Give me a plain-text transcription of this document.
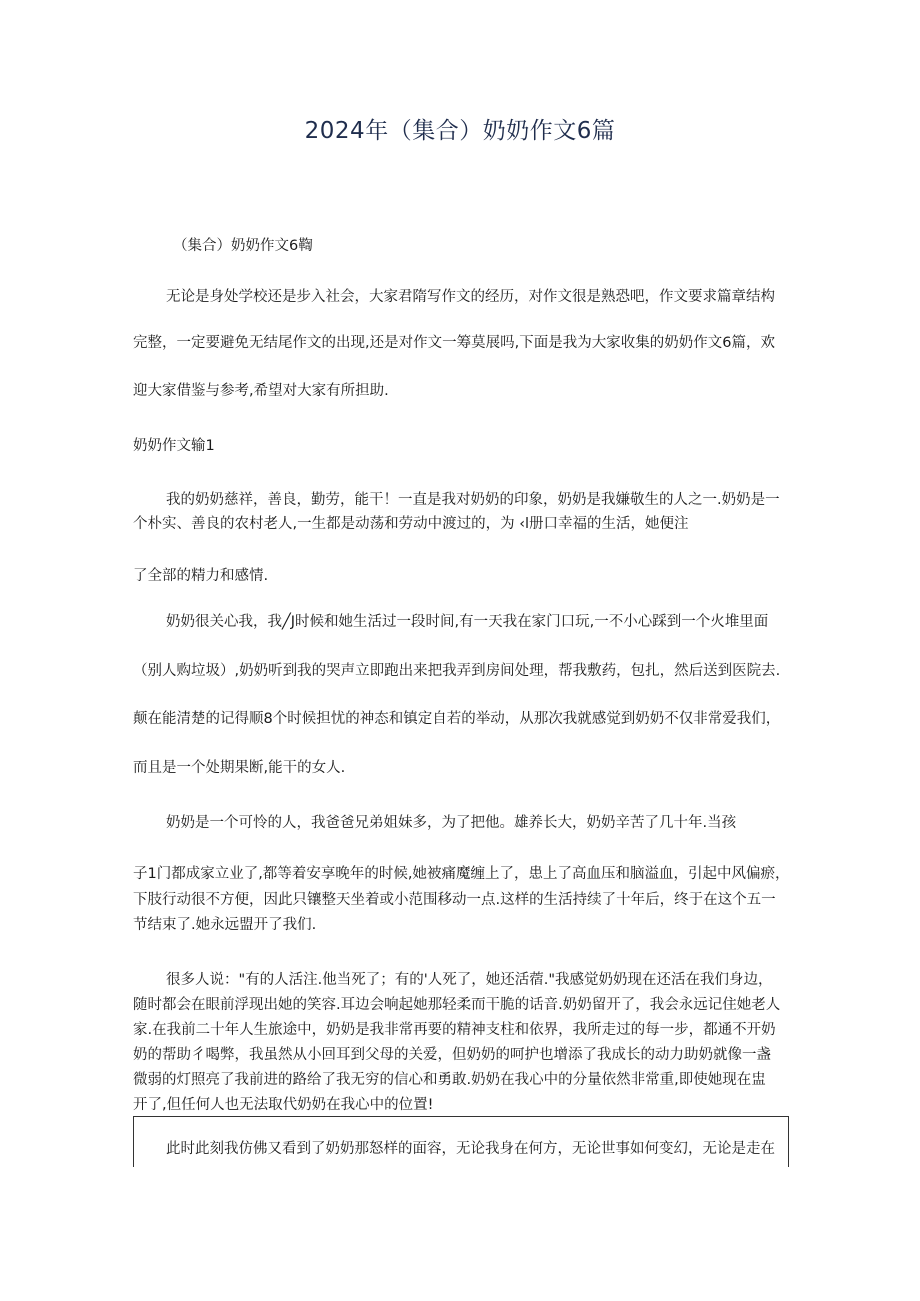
2024年（集合）奶奶作文6篇

（集合）奶奶作文6鞫

无论是身处学校还是步入社会，大家君隋写作文的经历，对作文很是熟恐吧，作文要求篇章结构

完整，一定要避免无结尾作文的出现,还是对作文一筹莫展吗,下面是我为大家收集的奶奶作文6篇，欢

迎大家借鉴与参考,希望对大家有所担助.

奶奶作文输1

我的奶奶慈祥，善良，勤劳，能干！一直是我对奶奶的印象，奶奶是我嫌敬生的人之一.奶奶是一

个朴实、善良的农村老人,一生都是动荡和劳动中渡过的，为 ‹l册口幸福的生活，她便注

了全部的精力和感情.

奶奶很关心我，我╱J时候和她生活过一段时间,有一天我在家门口玩,一不小心踩到一个火堆里面

（别人购垃圾）,奶奶听到我的哭声立即跑出来把我弄到房间处理，帮我敷药，包扎，然后送到医院去.

颠在能清楚的记得顺8个时候担忧的神态和镇定自若的举动，从那次我就感觉到奶奶不仅非常爱我们，

而且是一个处期果断,能干的女人.

奶奶是一个可怜的人，我爸爸兄弟姐妹多，为了把他。雄养长大，奶奶辛苦了几十年.当孩

子1门都成家立业了,都等着安享晚年的时候,她被痛魔缠上了，患上了高血压和脑溢血，引起中风偏瘀，

下肢行动很不方便，因此只镶整天坐着或小范围移动一点.这样的生活持续了十年后，终于在这个五一

节结束了.她永远盟开了我们.

很多人说："有的人活注.他当死了；有的'人死了，她还活蓿."我感觉奶奶现在还活在我们身边，

随时都会在眼前浮现出她的笑容.耳边会响起她那轻柔而干脆的话音.奶奶留开了，我会永远记住她老人

家.在我前二十年人生旅途中，奶奶是我非常再要的精神支柱和依界，我所走过的每一步，都通不开奶

奶的帮助彳喝弊，我虽然从小回耳到父母的关爱，但奶奶的呵护也增添了我成长的动力助奶就像一盏

微弱的灯照亮了我前进的路给了我无穷的信心和勇敢.奶奶在我心中的分量依然非常重,即使她现在盅

开了,但任何人也无法取代奶奶在我心中的位置!

此时此刻我仿佛又看到了奶奶那怒样的面容，无论我身在何方，无论世事如何变幻，无论是走在
